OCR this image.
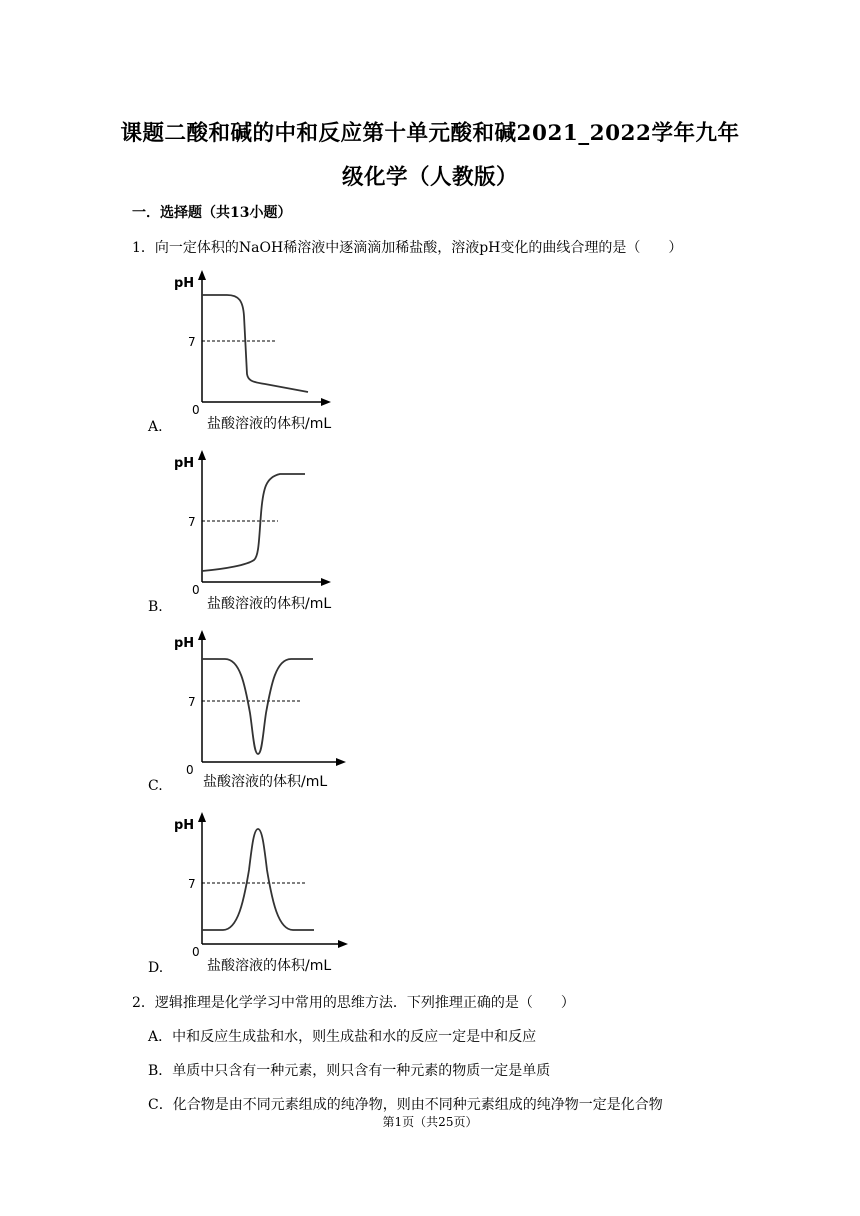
课题二酸和碱的中和反应第十单元酸和碱2021_2022学年九年
级化学（人教版）
一．选择题（共13小题）
1．向一定体积的NaOH稀溶液中逐滴滴加稀盐酸，溶液pH变化的曲线合理的是（　　）
pH
7
0
盐酸溶液的体积/mL
A.
pH
7
0
盐酸溶液的体积/mL
B.
pH
7
0
盐酸溶液的体积/mL
C.
pH
7
0
盐酸溶液的体积/mL
D.
2．逻辑推理是化学学习中常用的思维方法．下列推理正确的是（　　）
A．中和反应生成盐和水，则生成盐和水的反应一定是中和反应
B．单质中只含有一种元素，则只含有一种元素的物质一定是单质
C．化合物是由不同元素组成的纯净物，则由不同种元素组成的纯净物一定是化合物
第1页（共25页）
